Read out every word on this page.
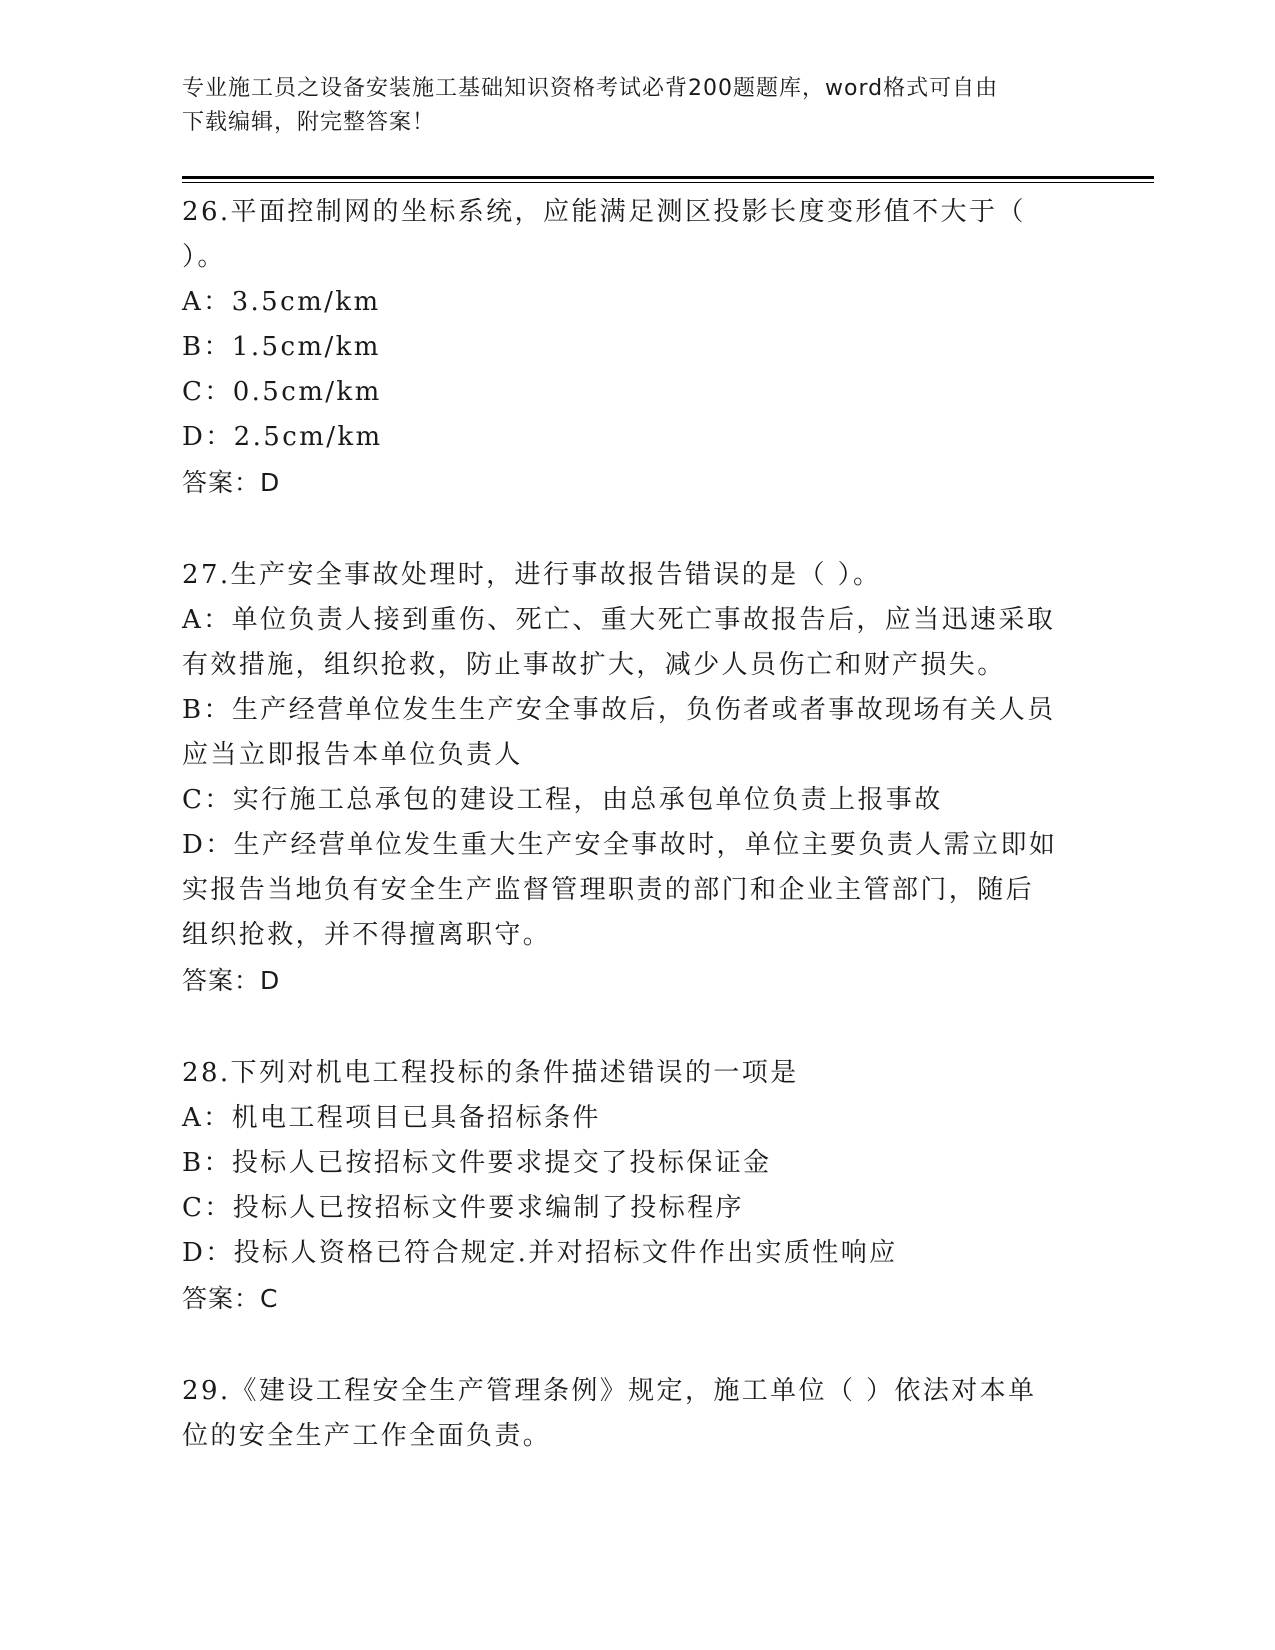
专业施工员之设备安装施工基础知识资格考试必背200题题库，word格式可自由
下载编辑，附完整答案！
26.平面控制网的坐标系统，应能满足测区投影长度变形值不大于（
）。
A：3.5cm/km
B：1.5cm/km
C：0.5cm/km
D：2.5cm/km
答案：D
27.生产安全事故处理时，进行事故报告错误的是（ ）。
A：单位负责人接到重伤、死亡、重大死亡事故报告后，应当迅速采取
有效措施，组织抢救，防止事故扩大，减少人员伤亡和财产损失。
B：生产经营单位发生生产安全事故后，负伤者或者事故现场有关人员
应当立即报告本单位负责人
C：实行施工总承包的建设工程，由总承包单位负责上报事故
D：生产经营单位发生重大生产安全事故时，单位主要负责人需立即如
实报告当地负有安全生产监督管理职责的部门和企业主管部门，随后
组织抢救，并不得擅离职守。
答案：D
28.下列对机电工程投标的条件描述错误的一项是
A：机电工程项目已具备招标条件
B：投标人已按招标文件要求提交了投标保证金
C：投标人已按招标文件要求编制了投标程序
D：投标人资格已符合规定.并对招标文件作出实质性响应
答案：C
29.《建设工程安全生产管理条例》规定，施工单位（ ）依法对本单
位的安全生产工作全面负责。
